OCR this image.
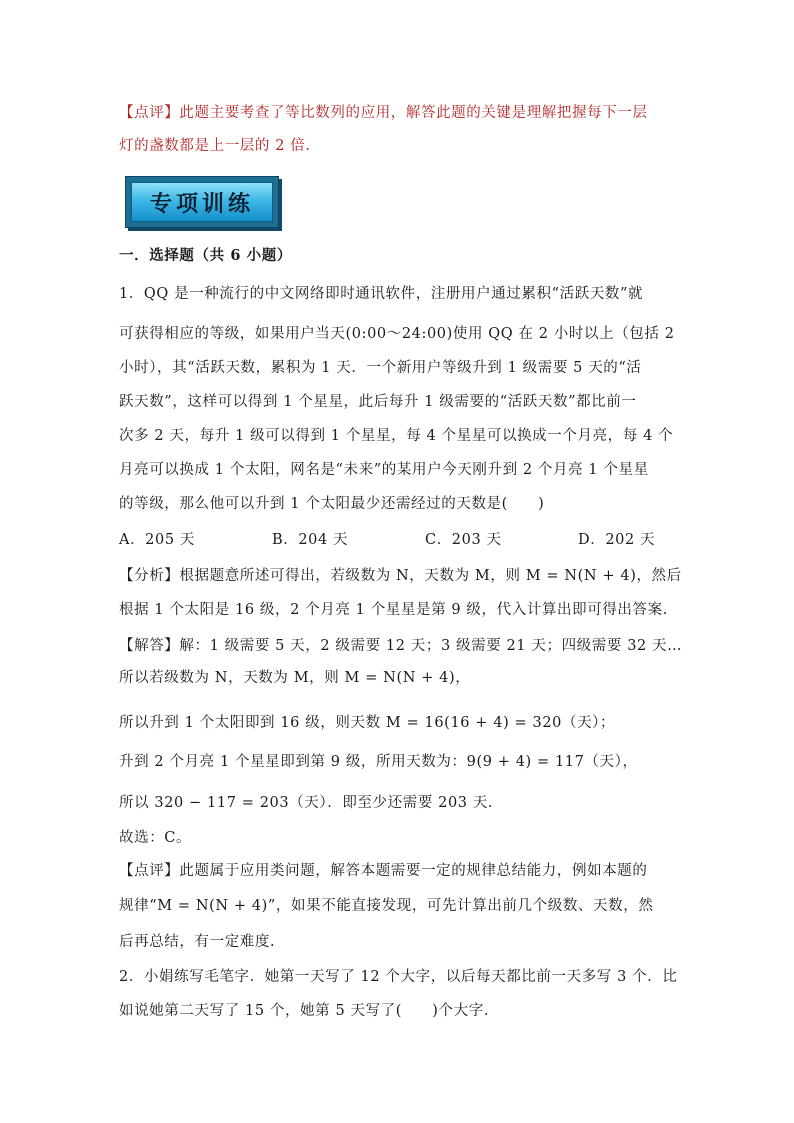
【点评】此题主要考查了等比数列的应用，解答此题的关键是理解把握每下一层
灯的盏数都是上一层的 2 倍.
专项训练
一．选择题（共 6 小题）
1．QQ 是一种流行的中文网络即时通讯软件，注册用户通过累积“活跃天数”就
可获得相应的等级，如果用户当天(0:00～24:00)使用 QQ 在 2 小时以上（包括 2
小时），其“活跃天数，累积为 1 天．一个新用户等级升到 1 级需要 5 天的“活
跃天数”，这样可以得到 1 个星星，此后每升 1 级需要的“活跃天数”都比前一
次多 2 天，每升 1 级可以得到 1 个星星，每 4 个星星可以换成一个月亮，每 4 个
月亮可以换成 1 个太阳，网名是“未来”的某用户今天刚升到 2 个月亮 1 个星星
的等级，那么他可以升到 1 个太阳最少还需经过的天数是(　　)
A．205 天	B．204 天	C．203 天	D．202 天
【分析】根据题意所述可得出，若级数为 N，天数为 M，则 M = N(N + 4)，然后
根据 1 个太阳是 16 级，2 个月亮 1 个星星是第 9 级，代入计算出即可得出答案.
【解答】解：1 级需要 5 天，2 级需要 12 天；3 级需要 21 天；四级需要 32 天…
所以若级数为 N，天数为 M，则 M = N(N + 4)，
所以升到 1 个太阳即到 16 级，则天数 M = 16(16 + 4) = 320（天）；
升到 2 个月亮 1 个星星即到第 9 级，所用天数为：9(9 + 4) = 117（天），
所以 320 − 117 = 203（天）．即至少还需要 203 天．
故选：C。
【点评】此题属于应用类问题，解答本题需要一定的规律总结能力，例如本题的
规律“M = N(N + 4)”，如果不能直接发现，可先计算出前几个级数、天数，然
后再总结，有一定难度.
2．小娟练写毛笔字．她第一天写了 12 个大字，以后每天都比前一天多写 3 个．比
如说她第二天写了 15 个，她第 5 天写了(　　)个大字.
